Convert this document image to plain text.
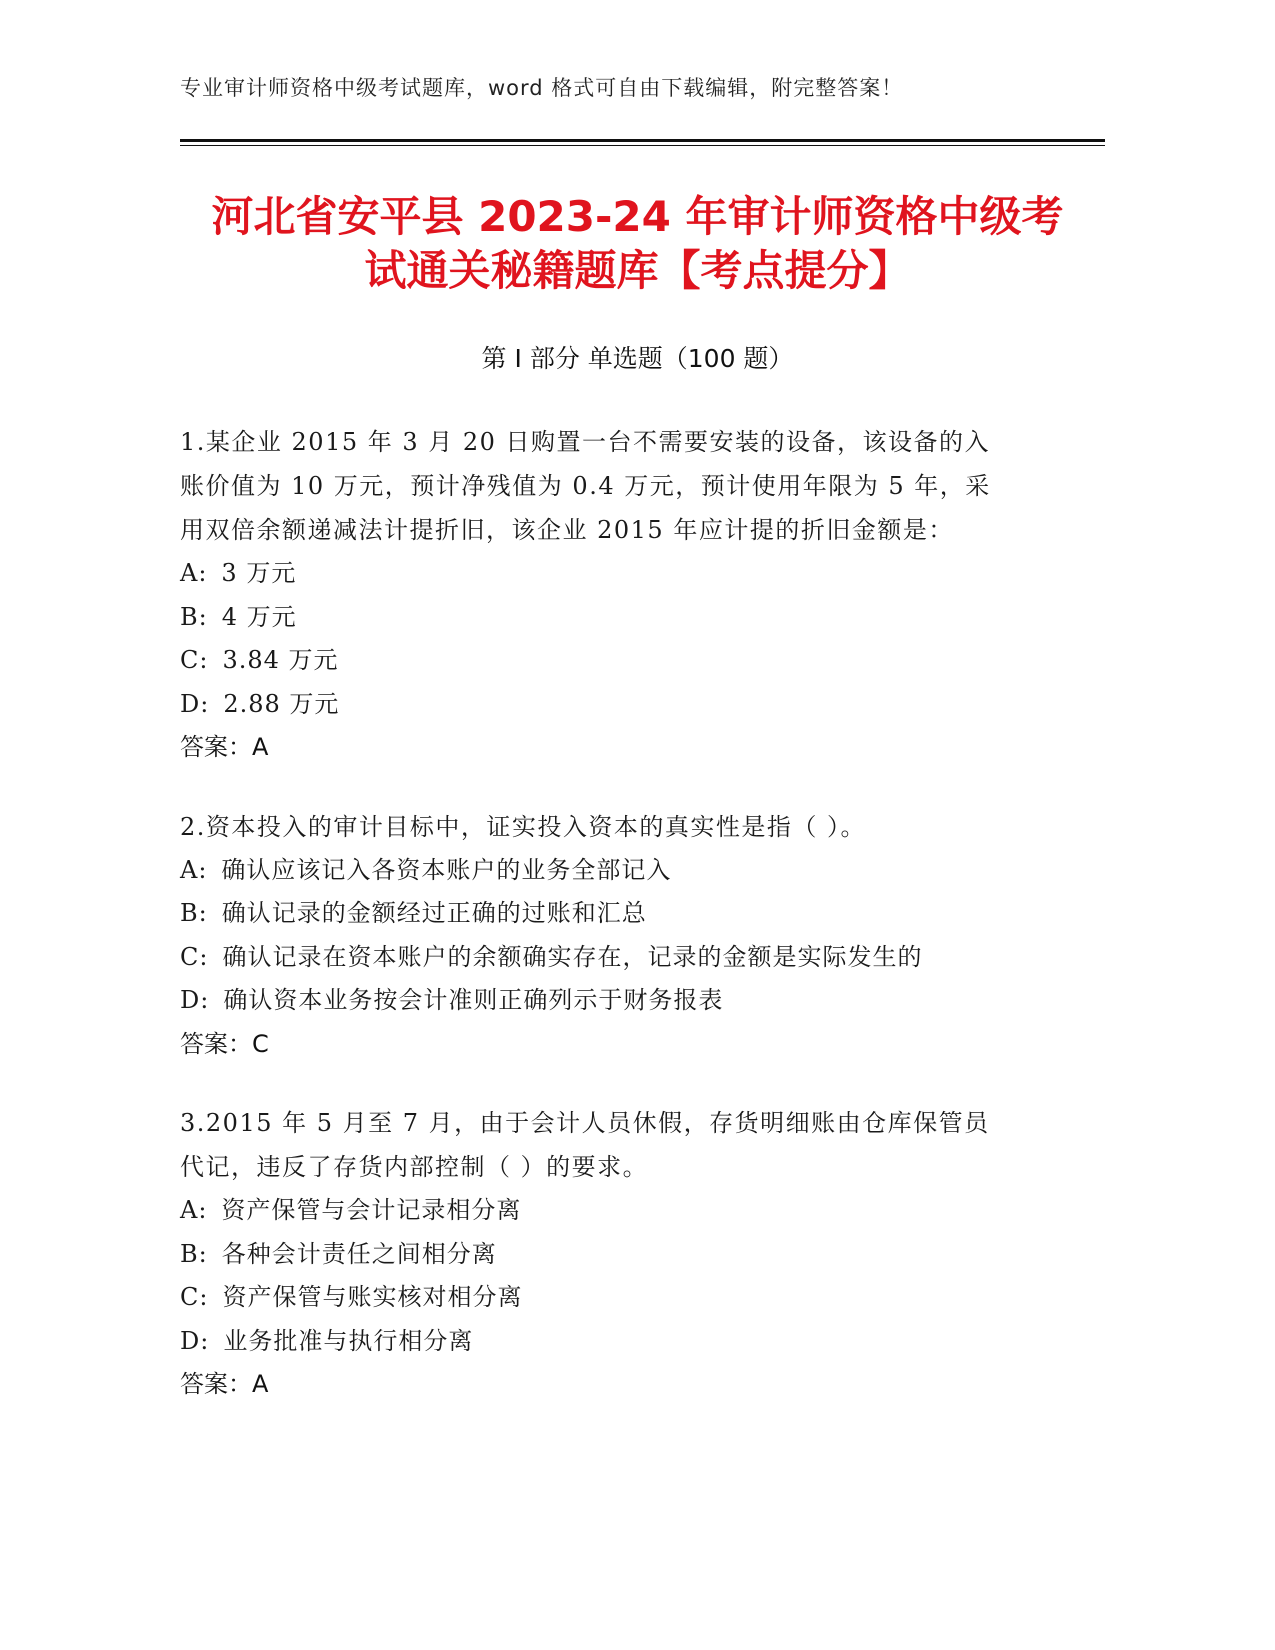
专业审计师资格中级考试题库，word 格式可自由下载编辑，附完整答案！
河北省安平县 2023-24 年审计师资格中级考
试通关秘籍题库【考点提分】
第 I 部分 单选题（100 题）
1.某企业 2015 年 3 月 20 日购置一台不需要安装的设备，该设备的入
账价值为 10 万元，预计净残值为 0.4 万元，预计使用年限为 5 年，采
用双倍余额递减法计提折旧，该企业 2015 年应计提的折旧金额是：
A: 3 万元
B: 4 万元
C: 3.84 万元
D: 2.88 万元
答案：A
2.资本投入的审计目标中，证实投入资本的真实性是指（ ）。
A: 确认应该记入各资本账户的业务全部记入
B: 确认记录的金额经过正确的过账和汇总
C: 确认记录在资本账户的余额确实存在，记录的金额是实际发生的
D: 确认资本业务按会计准则正确列示于财务报表
答案：C
3.2015 年 5 月至 7 月，由于会计人员休假，存货明细账由仓库保管员
代记，违反了存货内部控制（ ）的要求。
A: 资产保管与会计记录相分离
B: 各种会计责任之间相分离
C: 资产保管与账实核对相分离
D: 业务批准与执行相分离
答案：A
